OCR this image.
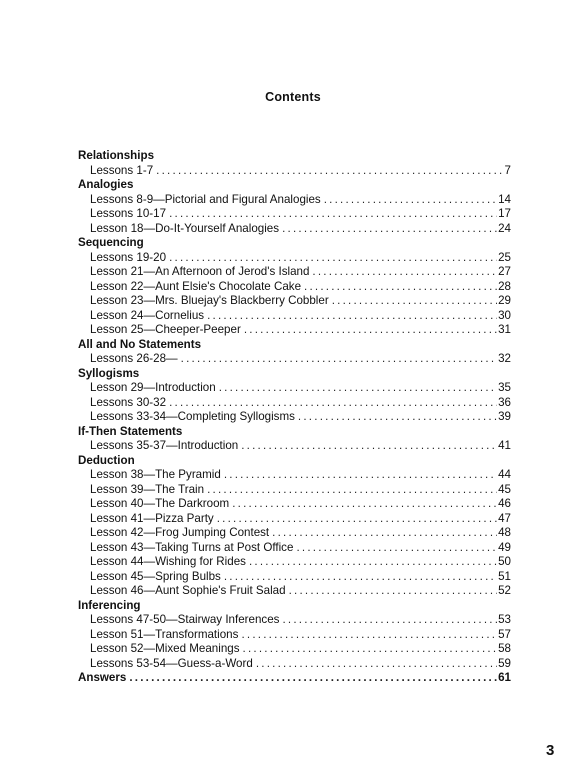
Contents
Relationships
Lessons 1-7 . . .	7
Analogies
Lessons 8-9—Pictorial and Figural Analogies . . .	14
Lessons 10-17 . . .	17
Lesson 18—Do-It-Yourself Analogies . . .	24
Sequencing
Lessons 19-20 . . .	25
Lesson 21—An Afternoon of Jerod's Island . . .	27
Lesson 22—Aunt Elsie's Chocolate Cake . . .	28
Lesson 23—Mrs. Bluejay's Blackberry Cobbler . . .	29
Lesson 24—Cornelius . . .	30
Lesson 25—Cheeper-Peeper . . .	31
All and No Statements
Lessons 26-28— . . .	32
Syllogisms
Lesson 29—Introduction . . .	35
Lessons 30-32 . . .	36
Lessons 33-34—Completing Syllogisms . . .	39
If-Then Statements
Lessons 35-37—Introduction . . .	41
Deduction
Lesson 38—The Pyramid . . .	44
Lesson 39—The Train . . .	45
Lesson 40—The Darkroom . . .	46
Lesson 41—Pizza Party . . .	47
Lesson 42—Frog Jumping Contest . . .	48
Lesson 43—Taking Turns at Post Office . . .	49
Lesson 44—Wishing for Rides . . .	50
Lesson 45—Spring Bulbs . . .	51
Lesson 46—Aunt Sophie's Fruit Salad . . .	52
Inferencing
Lessons 47-50—Stairway Inferences . . .	53
Lesson 51—Transformations . . .	57
Lesson 52—Mixed Meanings . . .	58
Lessons 53-54—Guess-a-Word . . .	59
Answers . . .	61
3
